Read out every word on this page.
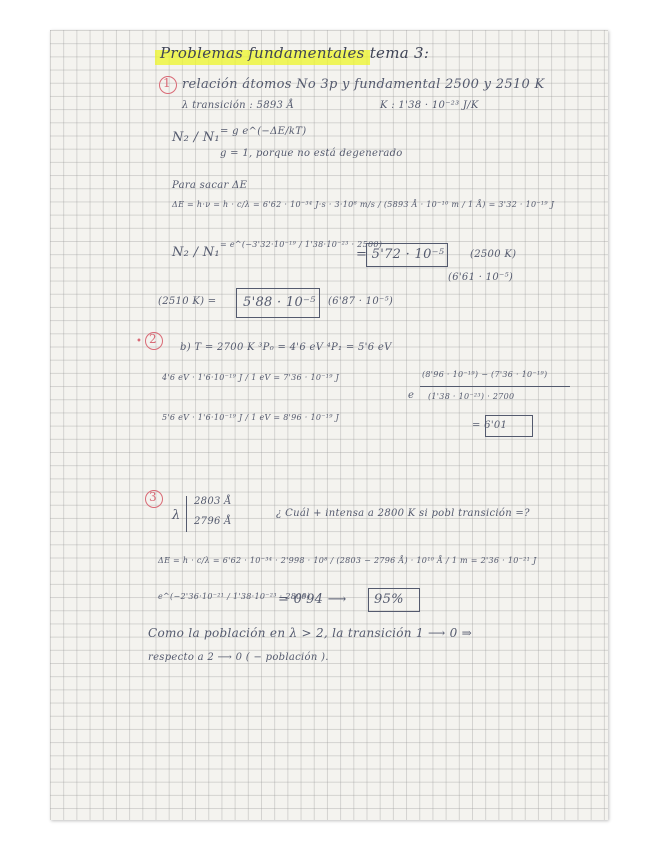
Problemas fundamentales tema 3:
1 relación átomos No 3p y fundamental 2500 y 2510 K
λ transición : 5893 Å	K : 1'38 · 10⁻²³ J/K
N₂ / N₁ = g e^(−ΔE/kT)
g = 1, porque no está degenerado
Para sacar ΔE
ΔE = h·ν = h · c/λ = 6'62 · 10⁻³⁴ J·s · 3·10⁸ m/s / (5893 Å · 10⁻¹⁰ m / 1 Å) = 3'32 · 10⁻¹⁹ J
N₂ / N₁
= e^(−3'32·10⁻¹⁹ / 1'38·10⁻²³ · 2500)
= 5'72 · 10⁻⁵	(2500 K)
(6'61 · 10⁻⁵)
(2510 K) = 5'88 · 10⁻⁵ (6'87 · 10⁻⁵)
• 2
b) T = 2700 K ³P₀ = 4'6 eV ⁴P₁ = 5'6 eV
4'6 eV · 1'6·10⁻¹⁹ J / 1 eV = 7'36 · 10⁻¹⁹ J
5'6 eV · 1'6·10⁻¹⁹ J / 1 eV = 8'96 · 10⁻¹⁹ J
(8'96 · 10⁻¹⁹) − (7'36 · 10⁻¹⁹)
e (1'38 · 10⁻²³) · 2700
= 6'01
3
λ
2803 Å
2796 Å
¿ Cuál + intensa a 2800 K si pobl transición =?
ΔE = h · c/λ = 6'62 · 10⁻³⁴ · 2'998 · 10⁸ / (2803 − 2796 Å) · 10¹⁰ Å / 1 m = 2'36 · 10⁻²¹ J
e^(−2'36·10⁻²¹ / 1'38·10⁻²³ · 2800)
= 0'94 ⟶ 95%
Como la población en λ > 2, la transición 1 ⟶ 0 ⇒
respecto a 2 ⟶ 0 ( − población ).
